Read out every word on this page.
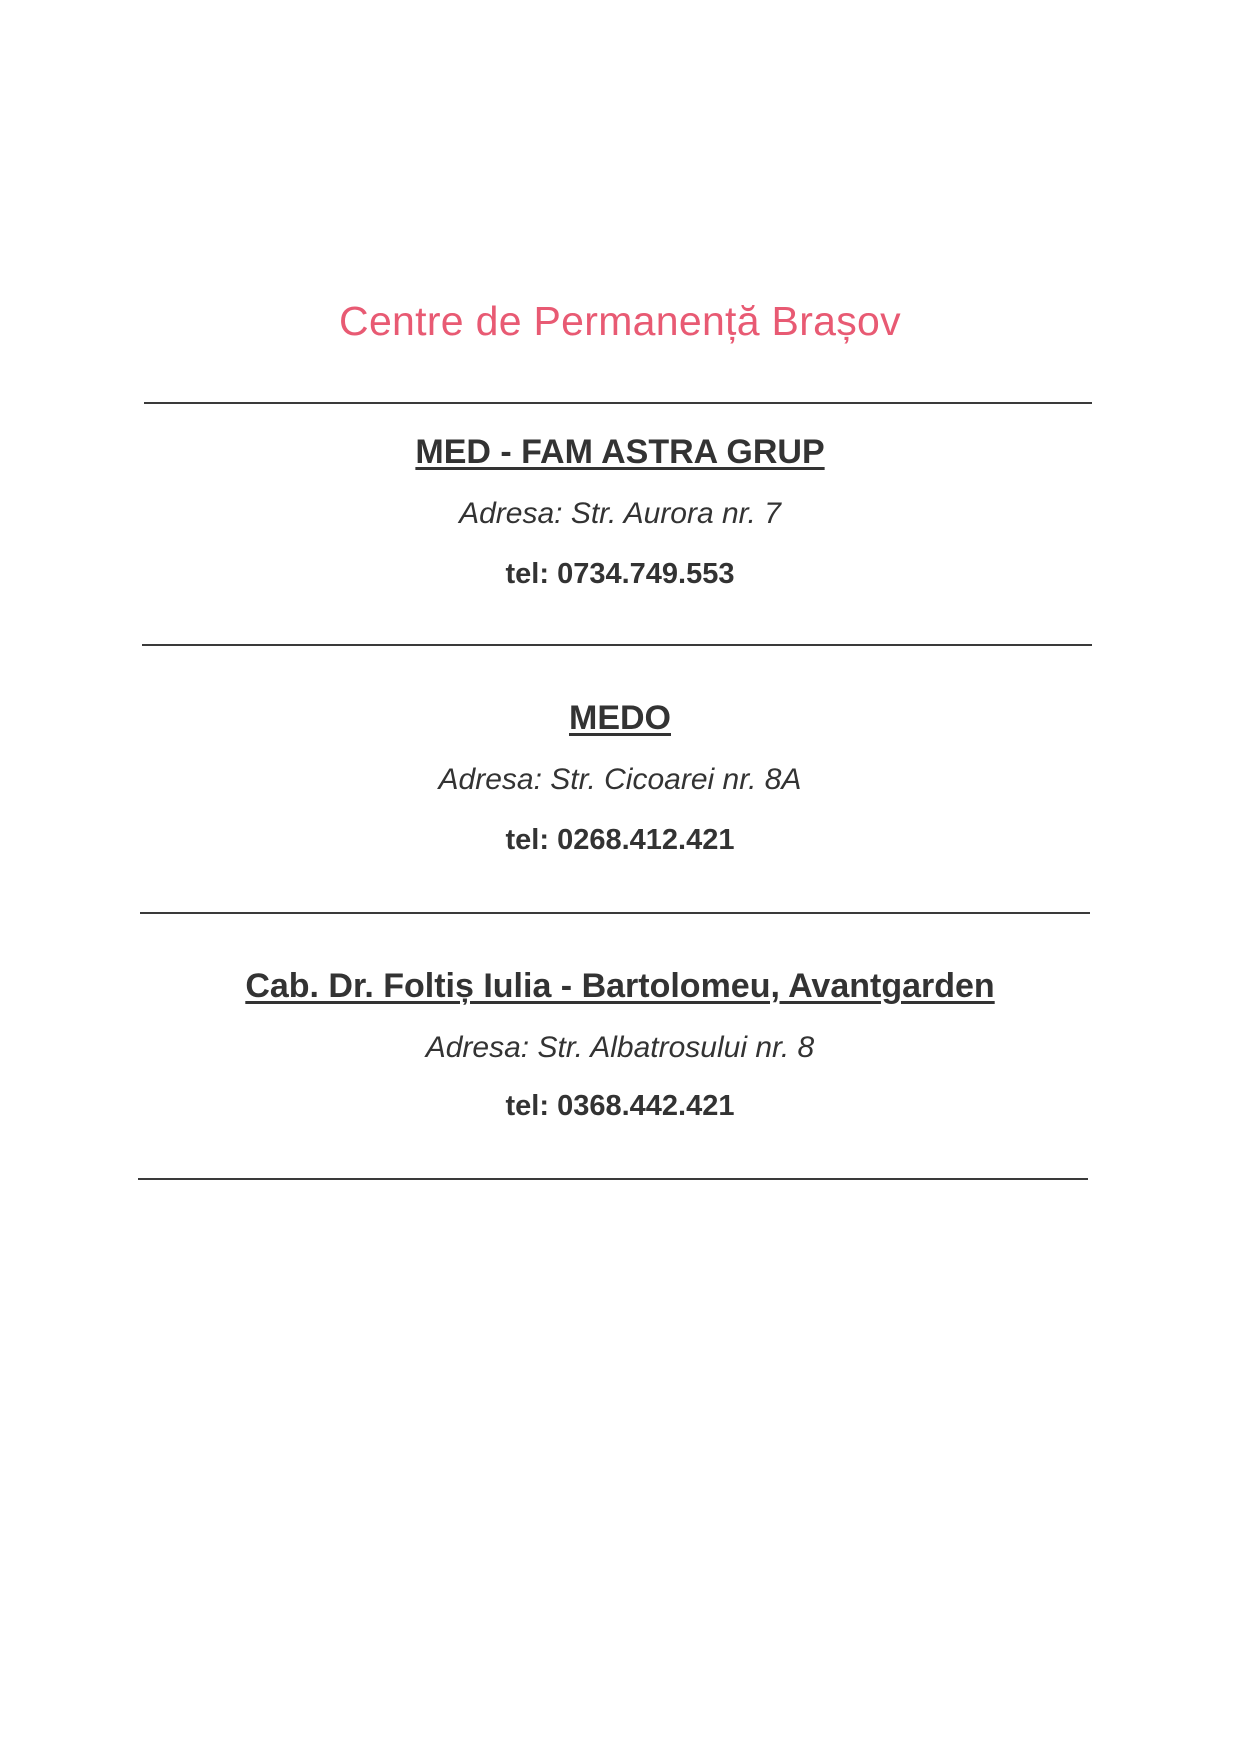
Centre de Permanență Brașov
MED - FAM ASTRA GRUP
Adresa: Str. Aurora nr. 7
tel: 0734.749.553
MEDO
Adresa: Str. Cicoarei nr. 8A
tel: 0268.412.421
Cab. Dr. Foltiș Iulia - Bartolomeu, Avantgarden
Adresa: Str. Albatrosului nr. 8
tel: 0368.442.421
